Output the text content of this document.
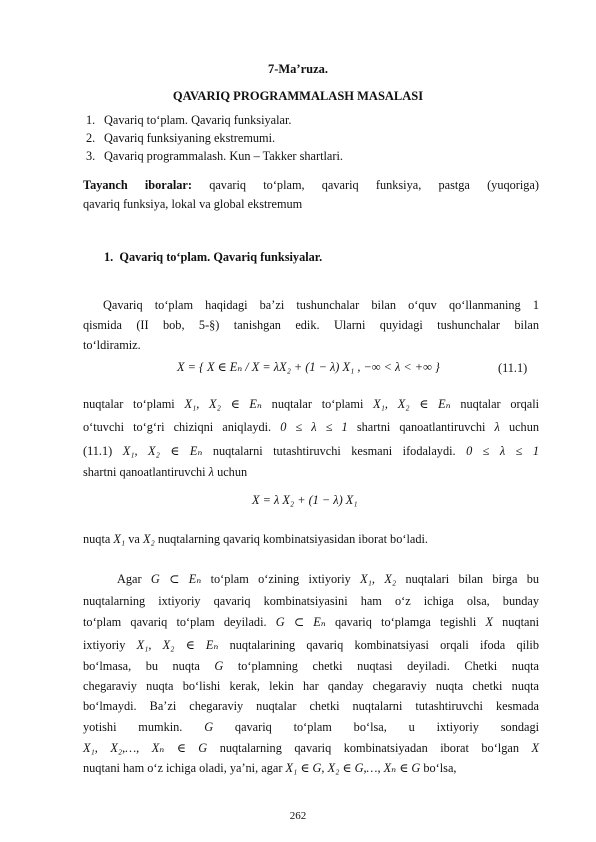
7-Ma’ruza.
QAVARIQ PROGRAMMALASH MASALASI
1. Qavariq to‘plam. Qavariq funksiyalar.
2. Qavariq funksiyaning ekstremumi.
3. Qavariq programmalash. Kun – Takker shartlari.
Tayanch iboralar: qavariq to‘plam, qavariq funksiya, pastga (yuqoriga)
qavariq funksiya, lokal va global ekstremum
1. Qavariq to‘plam. Qavariq funksiyalar.
Qavariq to‘plam haqidagi ba’zi tushunchalar bilan o‘quv qo‘llanmaning 1
qismida (II bob, 5-§) tanishgan edik. Ularni quyidagi tushunchalar bilan
to‘ldiramiz.
X = { X ∈ Eₙ / X = λX₂ + (1 − λ) X₁ , −∞ < λ < +∞ }	(11.1)
nuqtalar to‘plami X₁, X₂ ∈ Eₙ nuqtalar to‘plami X₁, X₂ ∈ Eₙ nuqtalar orqali
o‘tuvchi to‘g‘ri chiziqni aniqlaydi. 0 ≤ λ ≤ 1 shartni qanoatlantiruvchi λ uchun
(11.1) X₁, X₂ ∈ Eₙ nuqtalarni tutashtiruvchi kesmani ifodalaydi. 0 ≤ λ ≤ 1
shartni qanoatlantiruvchi λ uchun
X = λ X₂ + (1 − λ) X₁
nuqta X₁ va X₂ nuqtalarning qavariq kombinatsiyasidan iborat bo‘ladi.
Agar G ⊂ Eₙ to‘plam o‘zining ixtiyoriy X₁, X₂ nuqtalari bilan birga bu
nuqtalarning ixtiyoriy qavariq kombinatsiyasini ham o‘z ichiga olsa, bunday
to‘plam qavariq to‘plam deyiladi. G ⊂ Eₙ qavariq to‘plamga tegishli X nuqtani
ixtiyoriy X₁, X₂ ∈ Eₙ nuqtalarining qavariq kombinatsiyasi orqali ifoda qilib
bo‘lmasa, bu nuqta G to‘plamning chetki nuqtasi deyiladi. Chetki nuqta
chegaraviy nuqta bo‘lishi kerak, lekin har qanday chegaraviy nuqta chetki nuqta
bo‘lmaydi. Ba’zi chegaraviy nuqtalar chetki nuqtalarni tutashtiruvchi kesmada
yotishi mumkin. G qavariq to‘plam bo‘lsa, u ixtiyoriy sondagi
X₁, X₂,…, Xₙ ∈ G nuqtalarning qavariq kombinatsiyadan iborat bo‘lgan X
nuqtani ham o‘z ichiga oladi, ya’ni, agar X₁ ∈ G, X₂ ∈ G,…, Xₙ ∈ G bo‘lsa,
262
